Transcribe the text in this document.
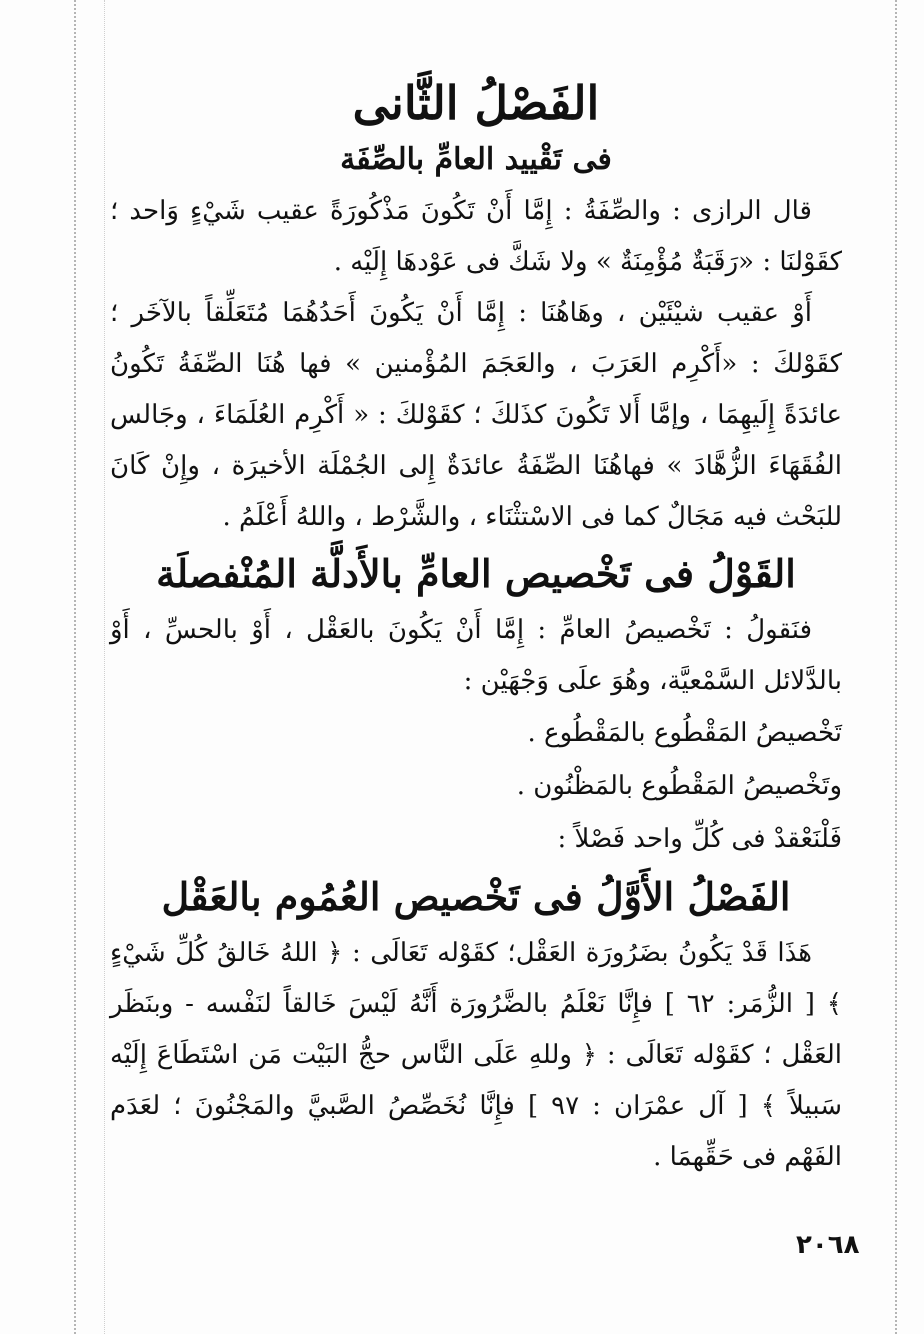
الفَصْلُ الثَّانى
فى تَقْييد العامِّ بالصِّفَة

قال الرازى : والصِّفَةُ : إِمَّا أَنْ تَكُونَ مَذْكُورَةً عقيب شَيْءٍ وَاحد ؛ كقَوْلنَا : «رَقَبَةٌ مُؤْمِنَةٌ » ولا شَكَّ فى عَوْدهَا إِلَيْه .

أَوْ عقيب شيْئَيْن ، وهَاهُنَا : إِمَّا أَنْ يَكُونَ أَحَدُهُمَا مُتَعَلِّقاً بالآخَر ؛ كقَوْلكَ : «أَكْرِم العَرَبَ ، والعَجَمَ المُؤْمنين » فها هُنَا الصِّفَةُ تَكُونُ عائدَةً إِلَيهِمَا ، وإمَّا أَلا تَكُونَ كذَلكَ ؛ كقَوْلكَ : « أَكْرِم العُلَمَاءَ ، وجَالس الفُقَهَاءَ الزُّهَّادَ » فهاهُنَا الصِّفَةُ عائدَةٌ إِلى الجُمْلَة الأخيرَة ، وإِنْ كَانَ للبَحْث فيه مَجَالٌ كما فى الاسْتثْنَاء ، والشَّرْط ، واللهُ أَعْلَمُ .

القَوْلُ فى تَخْصيص العامِّ بالأَدلَّة المُنْفصلَة

فنَقولُ : تَخْصيصُ العامِّ : إِمَّا أَنْ يَكُونَ بالعَقْل ، أَوْ بالحسِّ ، أَوْ بالدَّلائل السَّمْعيَّة، وهُوَ علَى وَجْهَيْن :

تَخْصيصُ المَقْطُوع بالمَقْطُوع .

وتَخْصيصُ المَقْطُوع بالمَظْنُون .

فَلْنَعْقدْ فى كُلِّ واحد فَصْلاً :

الفَصْلُ الأَوَّلُ فى تَخْصيص العُمُوم بالعَقْل

هَذَا قَدْ يَكُونُ بضَرُورَة العَقْل؛ كقَوْله تَعَالَى : ﴿ اللهُ خَالقُ كُلِّ شَيْءٍ ﴾ [ الزُّمَر: ٦٢ ] فإِنَّا نَعْلَمُ بالضَّرُورَة أَنَّهُ لَيْسَ خَالقاً لنَفْسه - وبنَظَر العَقْل ؛ كقَوْله تَعَالَى : ﴿ وللهِ عَلَى النَّاس حجُّ البَيْت مَن اسْتَطَاعَ إِلَيْه سَبيلاً ﴾ [ آل عمْرَان : ٩٧ ] فإِنَّا نُخَصِّصُ الصَّبيَّ والمَجْنُونَ ؛ لعَدَم الفَهْم فى حَقِّهمَا .

٢٠٦٨
